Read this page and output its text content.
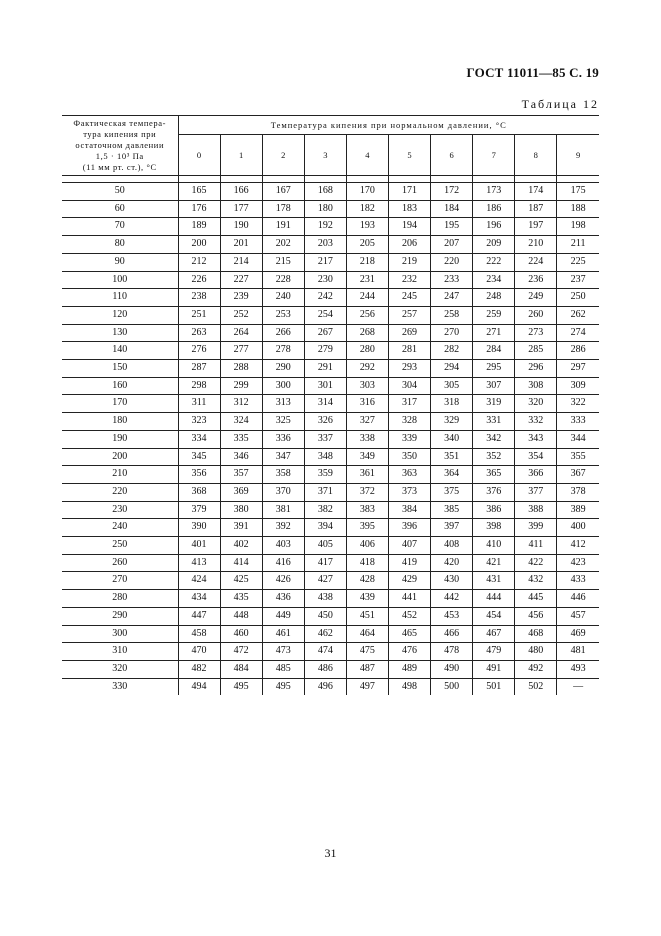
ГОСТ 11011—85 С. 19
Таблица 12
Фактическая темпера-
тура кипения при
остаточном давлении
1,5 · 10³ Па
(11 мм рт. ст.), °С	Температура кипения при нормальном давлении, °С									
	0	1	2	3	4	5	6	7	8	9

50	165	166	167	168	170	171	172	173	174	175
60	176	177	178	180	182	183	184	186	187	188
70	189	190	191	192	193	194	195	196	197	198
80	200	201	202	203	205	206	207	209	210	211
90	212	214	215	217	218	219	220	222	224	225
100	226	227	228	230	231	232	233	234	236	237
110	238	239	240	242	244	245	247	248	249	250
120	251	252	253	254	256	257	258	259	260	262
130	263	264	266	267	268	269	270	271	273	274
140	276	277	278	279	280	281	282	284	285	286
150	287	288	290	291	292	293	294	295	296	297
160	298	299	300	301	303	304	305	307	308	309
170	311	312	313	314	316	317	318	319	320	322
180	323	324	325	326	327	328	329	331	332	333
190	334	335	336	337	338	339	340	342	343	344
200	345	346	347	348	349	350	351	352	354	355
210	356	357	358	359	361	363	364	365	366	367
220	368	369	370	371	372	373	375	376	377	378
230	379	380	381	382	383	384	385	386	388	389
240	390	391	392	394	395	396	397	398	399	400
250	401	402	403	405	406	407	408	410	411	412
260	413	414	416	417	418	419	420	421	422	423
270	424	425	426	427	428	429	430	431	432	433
280	434	435	436	438	439	441	442	444	445	446
290	447	448	449	450	451	452	453	454	456	457
300	458	460	461	462	464	465	466	467	468	469
310	470	472	473	474	475	476	478	479	480	481
320	482	484	485	486	487	489	490	491	492	493
330	494	495	495	496	497	498	500	501	502	—
31
